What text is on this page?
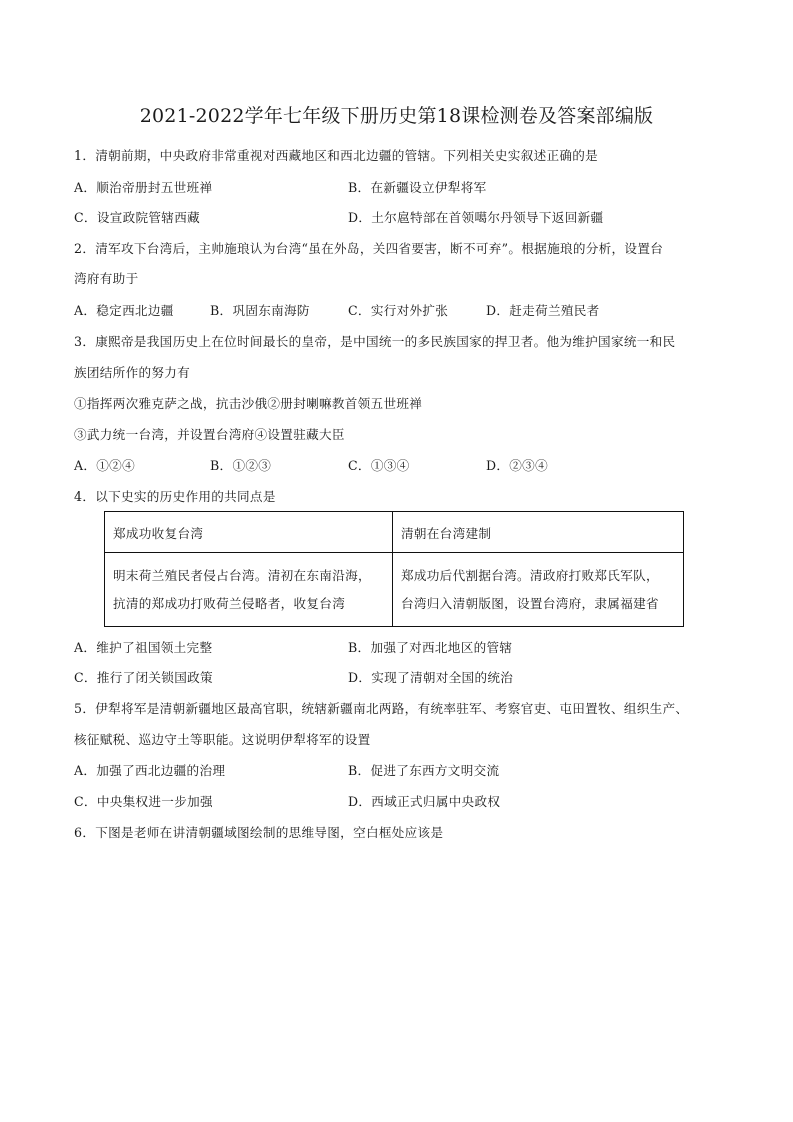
2021-2022学年七年级下册历史第18课检测卷及答案部编版
1．清朝前期，中央政府非常重视对西藏地区和西北边疆的管辖。下列相关史实叙述正确的是
A．顺治帝册封五世班禅	B．在新疆设立伊犁将军
C．设宣政院管辖西藏	D．土尔扈特部在首领噶尔丹领导下返回新疆
2．清军攻下台湾后，主帅施琅认为台湾“虽在外岛，关四省要害，断不可弃”。根据施琅的分析，设置台
湾府有助于
A．稳定西北边疆	B．巩固东南海防	C．实行对外扩张	D．赶走荷兰殖民者
3．康熙帝是我国历史上在位时间最长的皇帝，是中国统一的多民族国家的捍卫者。他为维护国家统一和民
族团结所作的努力有
①指挥两次雅克萨之战，抗击沙俄②册封喇嘛教首领五世班禅
③武力统一台湾，并设置台湾府④设置驻藏大臣
A．①②④	B．①②③	C．①③④	D．②③④
4．以下史实的历史作用的共同点是
郑成功收复台湾	清朝在台湾建制

明末荷兰殖民者侵占台湾。清初在东南沿海，
抗清的郑成功打败荷兰侵略者，收复台湾

郑成功后代割据台湾。清政府打败郑氏军队，
台湾归入清朝版图，设置台湾府，隶属福建省
A．维护了祖国领土完整	B．加强了对西北地区的管辖
C．推行了闭关锁国政策	D．实现了清朝对全国的统治
5．伊犁将军是清朝新疆地区最高官职，统辖新疆南北两路，有统率驻军、考察官吏、屯田置牧、组织生产、
核征赋税、巡边守土等职能。这说明伊犁将军的设置
A．加强了西北边疆的治理	B．促进了东西方文明交流
C．中央集权进一步加强	D．西域正式归属中央政权
6．下图是老师在讲清朝疆域图绘制的思维导图，空白框处应该是
